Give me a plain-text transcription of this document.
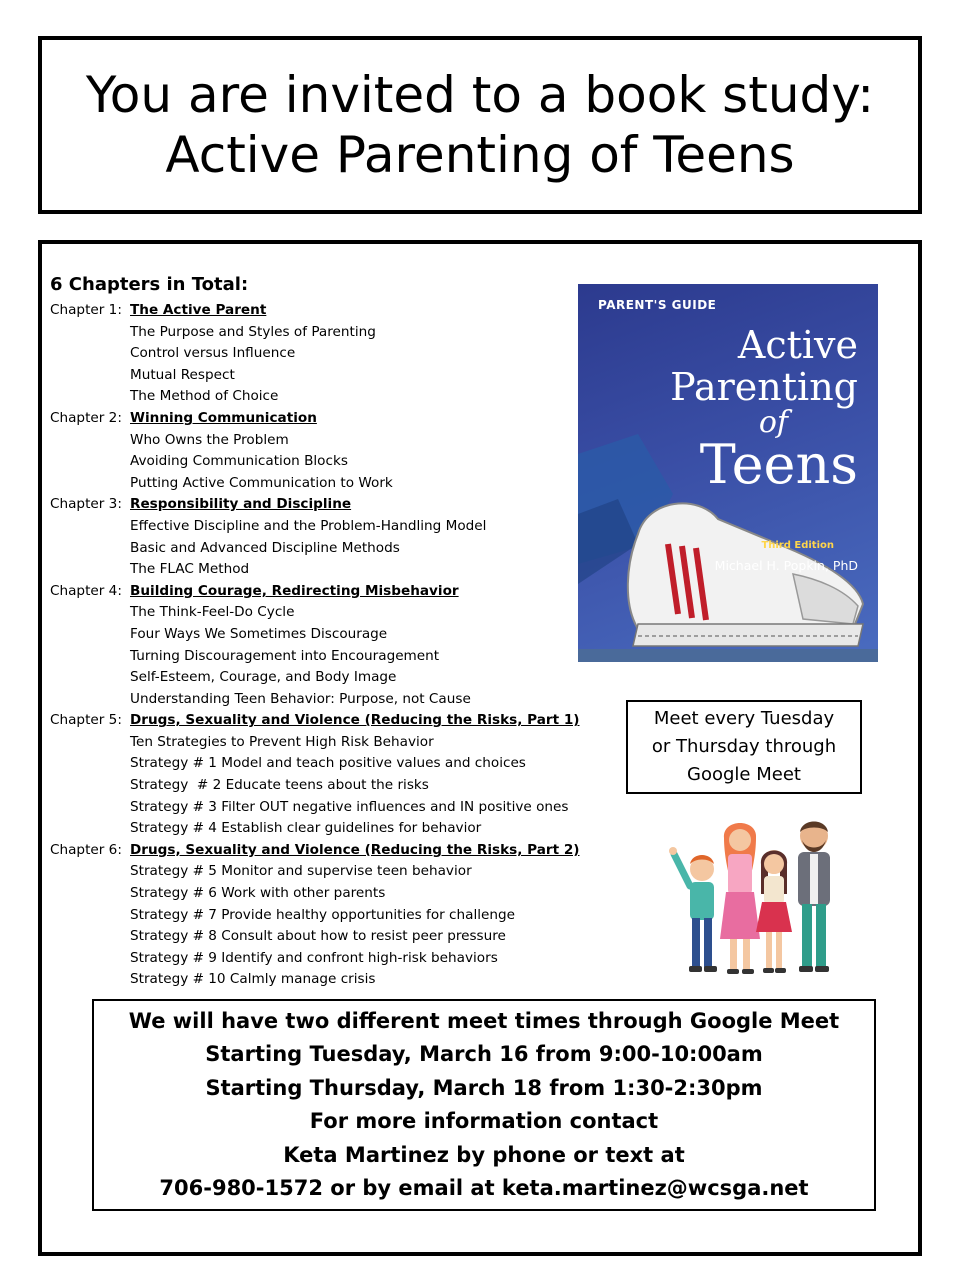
You are invited to a book study:
Active Parenting of Teens
6 Chapters in Total:
Chapter 1:The Active Parent
The Purpose and Styles of Parenting
Control versus Influence
Mutual Respect
The Method of Choice
Chapter 2:Winning Communication
Who Owns the Problem
Avoiding Communication Blocks
Putting Active Communication to Work
Chapter 3:Responsibility and Discipline
Effective Discipline and the Problem-Handling Model
Basic and Advanced Discipline Methods
The FLAC Method
Chapter 4:Building Courage, Redirecting Misbehavior
The Think-Feel-Do Cycle
Four Ways We Sometimes Discourage
Turning Discouragement into Encouragement
Self-Esteem, Courage, and Body Image
Understanding Teen Behavior: Purpose, not Cause
Chapter 5:Drugs, Sexuality and Violence (Reducing the Risks, Part 1)
Ten Strategies to Prevent High Risk Behavior
Strategy # 1 Model and teach positive values and choices
Strategy  # 2 Educate teens about the risks
Strategy # 3 Filter OUT negative influences and IN positive ones
Strategy # 4 Establish clear guidelines for behavior
Chapter 6:Drugs, Sexuality and Violence (Reducing the Risks, Part 2)
Strategy # 5 Monitor and supervise teen behavior
Strategy # 6 Work with other parents
Strategy # 7 Provide healthy opportunities for challenge
Strategy # 8 Consult about how to resist peer pressure
Strategy # 9 Identify and confront high-risk behaviors
Strategy # 10 Calmly manage crisis
PARENT'S GUIDE
Active
Parenting
of
Teens
Third Edition
Michael H. Popkin, PhD
Meet every Tuesday
or Thursday through
Google Meet
We will have two different meet times through Google Meet
Starting Tuesday, March 16 from 9:00-10:00am
Starting Thursday, March 18 from 1:30-2:30pm
For more information contact
Keta Martinez by phone or text at
706-980-1572 or by email at keta.martinez@wcsga.net
